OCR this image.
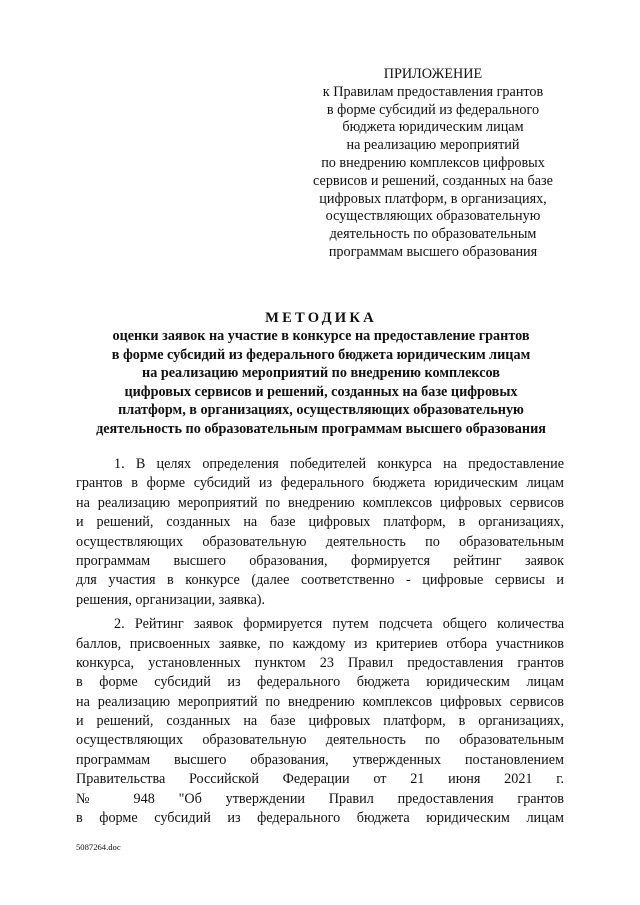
ПРИЛОЖЕНИЕ
к Правилам предоставления грантов
в форме субсидий из федерального
бюджета юридическим лицам
на реализацию мероприятий
по внедрению комплексов цифровых
сервисов и решений, созданных на базе
цифровых платформ, в организациях,
осуществляющих образовательную
деятельность по образовательным
программам высшего образования
МЕТОДИКА
оценки заявок на участие в конкурсе на предоставление грантов
в форме субсидий из федерального бюджета юридическим лицам
на реализацию мероприятий по внедрению комплексов
цифровых сервисов и решений, созданных на базе цифровых
платформ, в организациях, осуществляющих образовательную
деятельность по образовательным программам высшего образования
1. В целях определения победителей конкурса на предоставление
грантов в форме субсидий из федерального бюджета юридическим лицам
на реализацию мероприятий по внедрению комплексов цифровых сервисов
и решений, созданных на базе цифровых платформ, в организациях,
осуществляющих образовательную деятельность по образовательным
программам высшего образования, формируется рейтинг заявок
для участия в конкурсе (далее соответственно - цифровые сервисы и
решения, организации, заявка).
2. Рейтинг заявок формируется путем подсчета общего количества
баллов, присвоенных заявке, по каждому из критериев отбора участников
конкурса, установленных пунктом 23 Правил предоставления грантов
в форме субсидий из федерального бюджета юридическим лицам
на реализацию мероприятий по внедрению комплексов цифровых сервисов
и решений, созданных на базе цифровых платформ, в организациях,
осуществляющих образовательную деятельность по образовательным
программам высшего образования, утвержденных постановлением
Правительства Российской Федерации от 21 июня 2021 г.
№ 948 "Об утверждении Правил предоставления грантов
в форме субсидий из федерального бюджета юридическим лицам
5087264.doc
